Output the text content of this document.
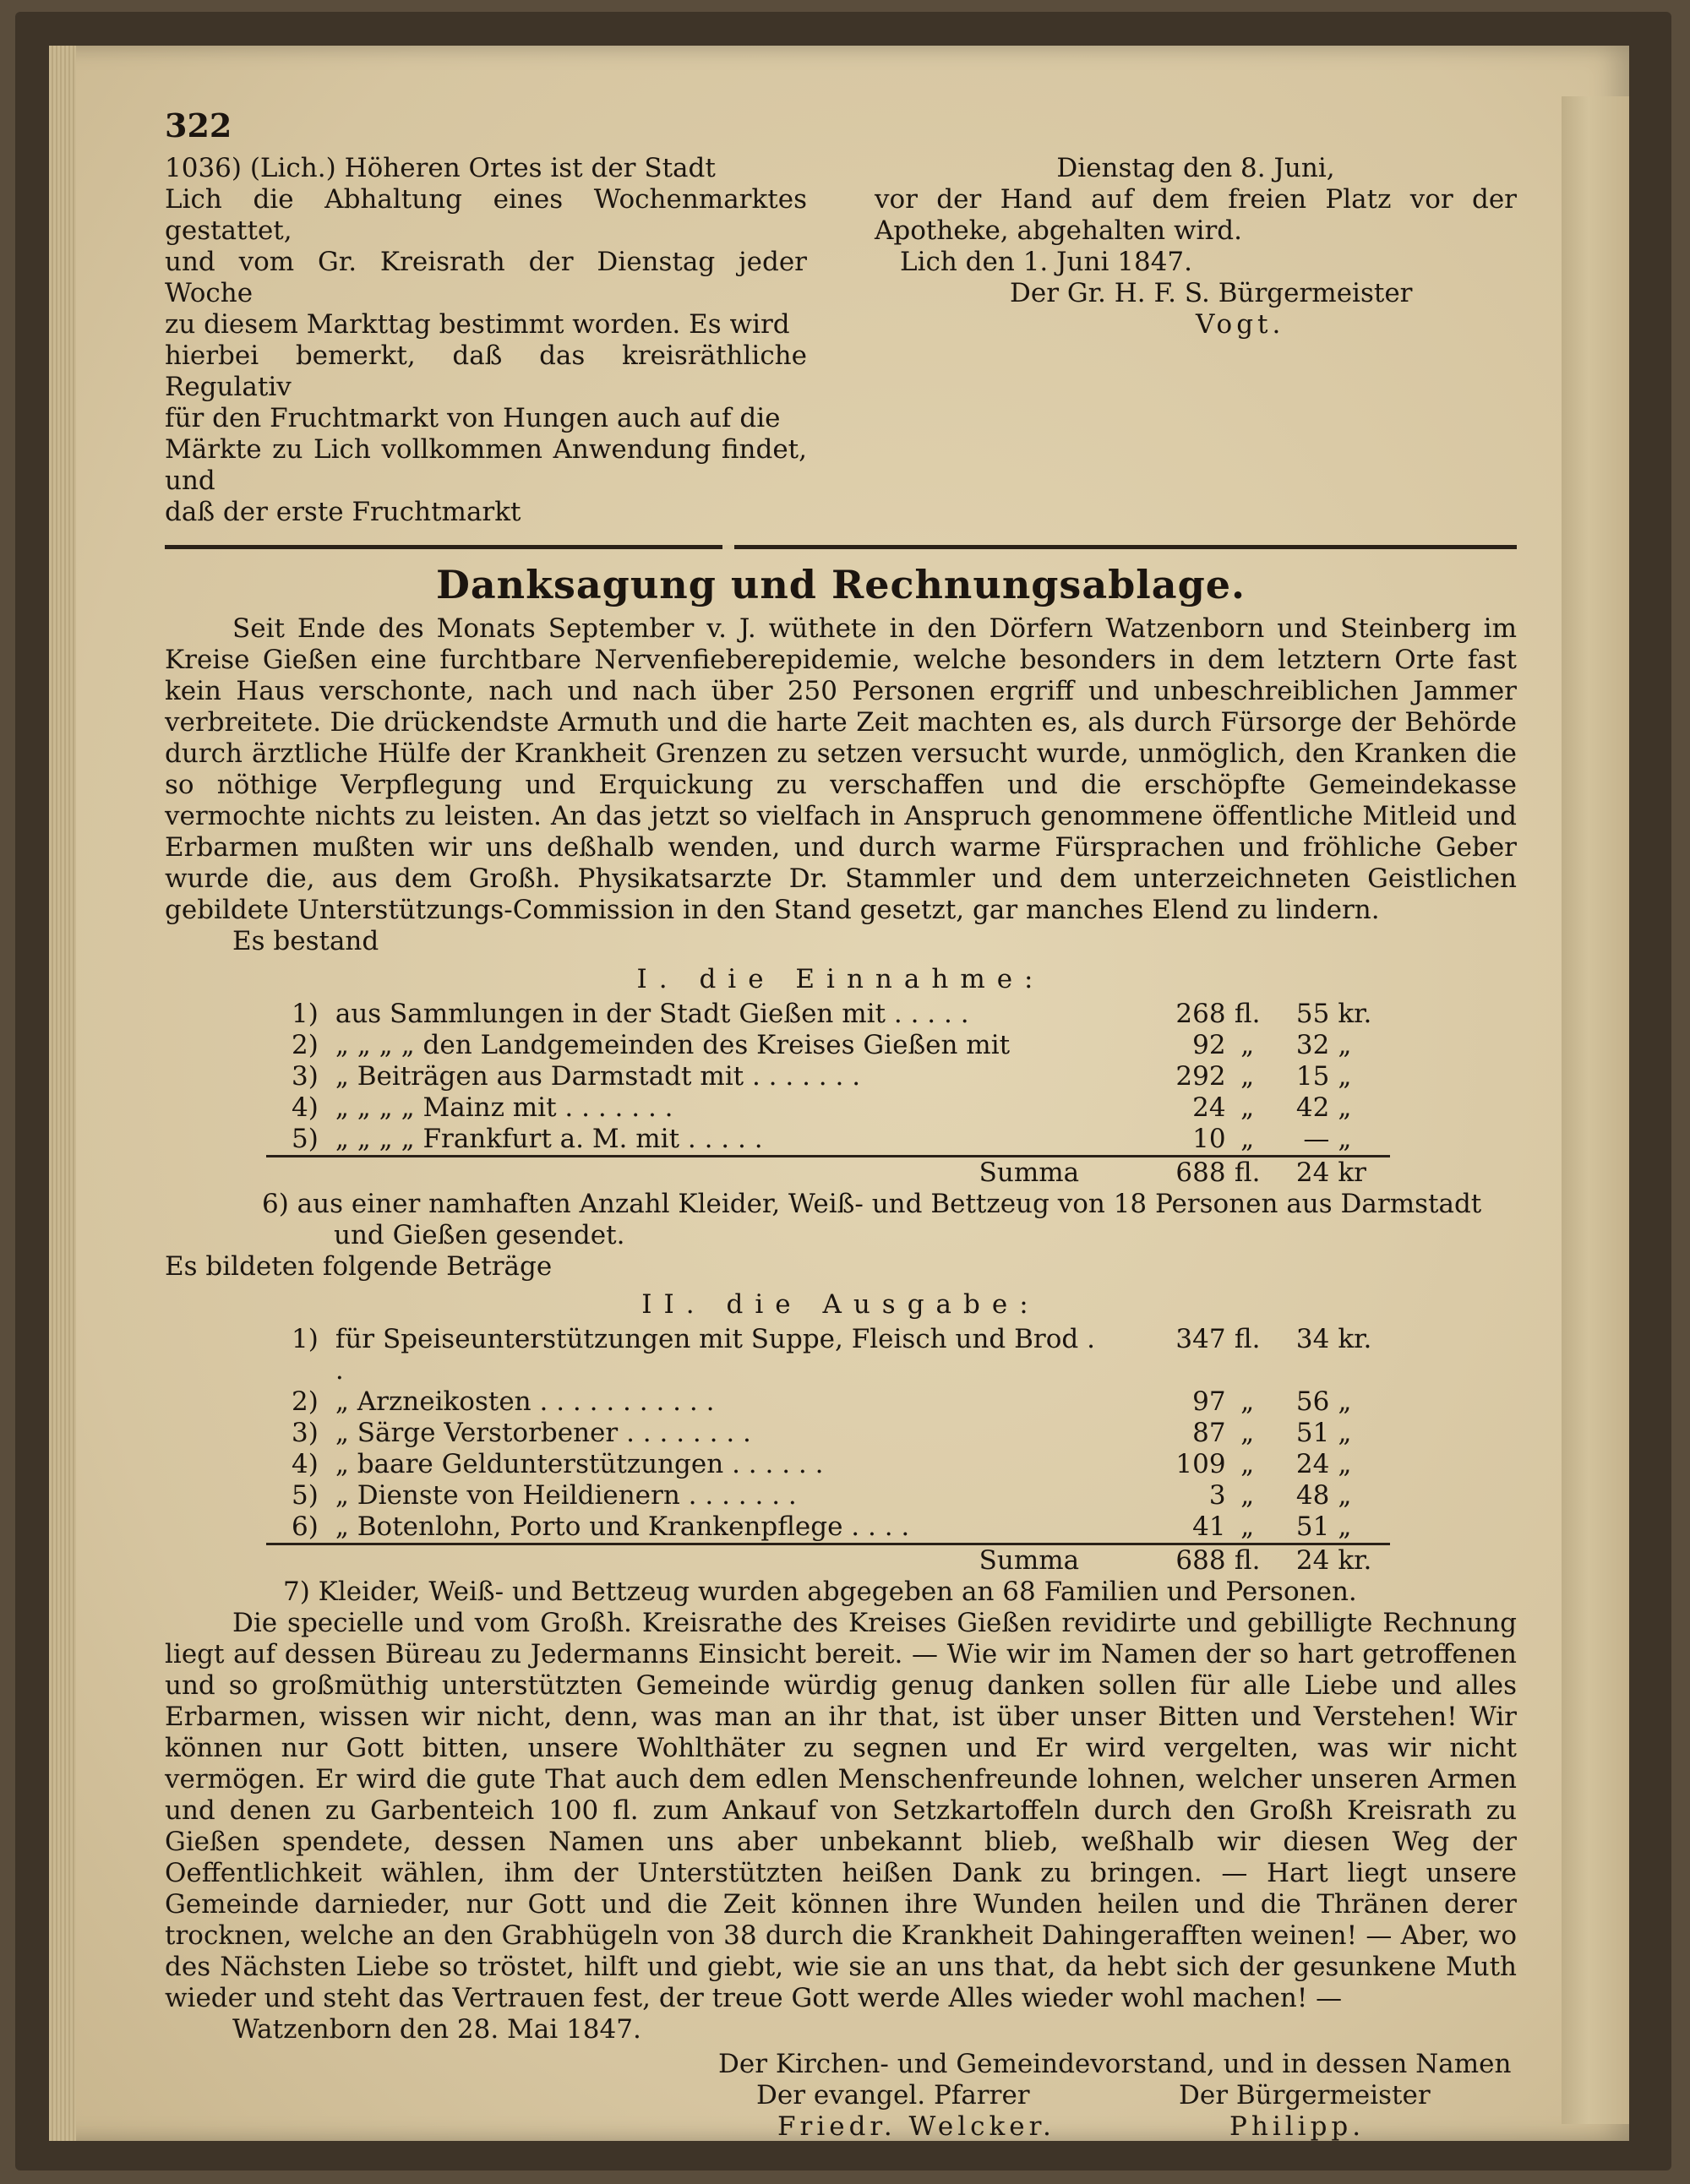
322
1036) (Lich.) Höheren Ortes ist der Stadt
Lich die Abhaltung eines Wochenmarktes gestattet,
und vom Gr. Kreisrath der Dienstag jeder Woche
zu diesem Markttag bestimmt worden. Es wird
hierbei bemerkt, daß das kreisräthliche Regulativ
für den Fruchtmarkt von Hungen auch auf die
Märkte zu Lich vollkommen Anwendung findet, und
daß der erste Fruchtmarkt
Dienstag den 8. Juni,
vor der Hand auf dem freien Platz vor der Apotheke, abgehalten wird.
Lich den 1. Juni 1847.
Der Gr. H. F. S. Bürgermeister
Vogt.
Danksagung und Rechnungsablage.
Seit Ende des Monats September v. J. wüthete in den Dörfern Watzenborn und Steinberg im Kreise Gießen eine furchtbare Nervenfieberepidemie, welche besonders in dem letztern Orte fast kein Haus verschonte, nach und nach über 250 Personen ergriff und unbeschreiblichen Jammer verbreitete. Die drückendste Armuth und die harte Zeit machten es, als durch Fürsorge der Behörde durch ärztliche Hülfe der Krankheit Grenzen zu setzen versucht wurde, unmöglich, den Kranken die so nöthige Verpflegung und Erquickung zu verschaffen und die erschöpfte Gemeindekasse vermochte nichts zu leisten. An das jetzt so vielfach in Anspruch genommene öffentliche Mitleid und Erbarmen mußten wir uns deßhalb wenden, und durch warme Fürsprachen und fröhliche Geber wurde die, aus dem Großh. Physikatsarzte Dr. Stammler und dem unterzeichneten Geistlichen gebildete Unterstützungs-Commission in den Stand gesetzt, gar manches Elend zu lindern.
Es bestand
I. die Einnahme:
1)	aus Sammlungen in der Stadt Gießen mit . . . . .	268	fl.	55	kr.
2)	„ „ „ „ den Landgemeinden des Kreises Gießen mit	92	„	32	„
3)	„ Beiträgen aus Darmstadt mit . . . . . . .	292	„	15	„
4)	„ „ „ „ Mainz mit . . . . . . .	24	„	42	„
5)	„ „ „ „ Frankfurt a. M. mit . . . . .	10	„	—	„
	Summa	688	fl.	24	kr
6) aus einer namhaften Anzahl Kleider, Weiß- und Bettzeug von 18 Personen aus Darmstadt
und Gießen gesendet.
Es bildeten folgende Beträge
II. die Ausgabe:
1)	für Speiseunterstützungen mit Suppe, Fleisch und Brod . .	347	fl.	34	kr.
2)	„ Arzneikosten . . . . . . . . . . .	97	„	56	„
3)	„ Särge Verstorbener . . . . . . . .	87	„	51	„
4)	„ baare Geldunterstützungen . . . . . .	109	„	24	„
5)	„ Dienste von Heildienern . . . . . . .	3	„	48	„
6)	„ Botenlohn, Porto und Krankenpflege . . . .	41	„	51	„
	Summa	688	fl.	24	kr.
7) Kleider, Weiß- und Bettzeug wurden abgegeben an 68 Familien und Personen.
Die specielle und vom Großh. Kreisrathe des Kreises Gießen revidirte und gebilligte Rechnung liegt auf dessen Büreau zu Jedermanns Einsicht bereit. — Wie wir im Namen der so hart getroffenen und so großmüthig unterstützten Gemeinde würdig genug danken sollen für alle Liebe und alles Erbarmen, wissen wir nicht, denn, was man an ihr that, ist über unser Bitten und Verstehen! Wir können nur Gott bitten, unsere Wohlthäter zu segnen und Er wird vergelten, was wir nicht vermögen. Er wird die gute That auch dem edlen Menschenfreunde lohnen, welcher unseren Armen und denen zu Garbenteich 100 fl. zum Ankauf von Setzkartoffeln durch den Großh Kreisrath zu Gießen spendete, dessen Namen uns aber unbekannt blieb, weßhalb wir diesen Weg der Oeffentlichkeit wählen, ihm der Unterstützten heißen Dank zu bringen. — Hart liegt unsere Gemeinde darnieder, nur Gott und die Zeit können ihre Wunden heilen und die Thränen derer trocknen, welche an den Grabhügeln von 38 durch die Krankheit Dahingerafften weinen! — Aber, wo des Nächsten Liebe so tröstet, hilft und giebt, wie sie an uns that, da hebt sich der gesunkene Muth wieder und steht das Vertrauen fest, der treue Gott werde Alles wieder wohl machen! —
Watzenborn den 28. Mai 1847.
Der Kirchen- und Gemeindevorstand, und in dessen Namen
Der evangel. Pfarrer	Der Bürgermeister
Friedr. Welcker.	Philipp.
